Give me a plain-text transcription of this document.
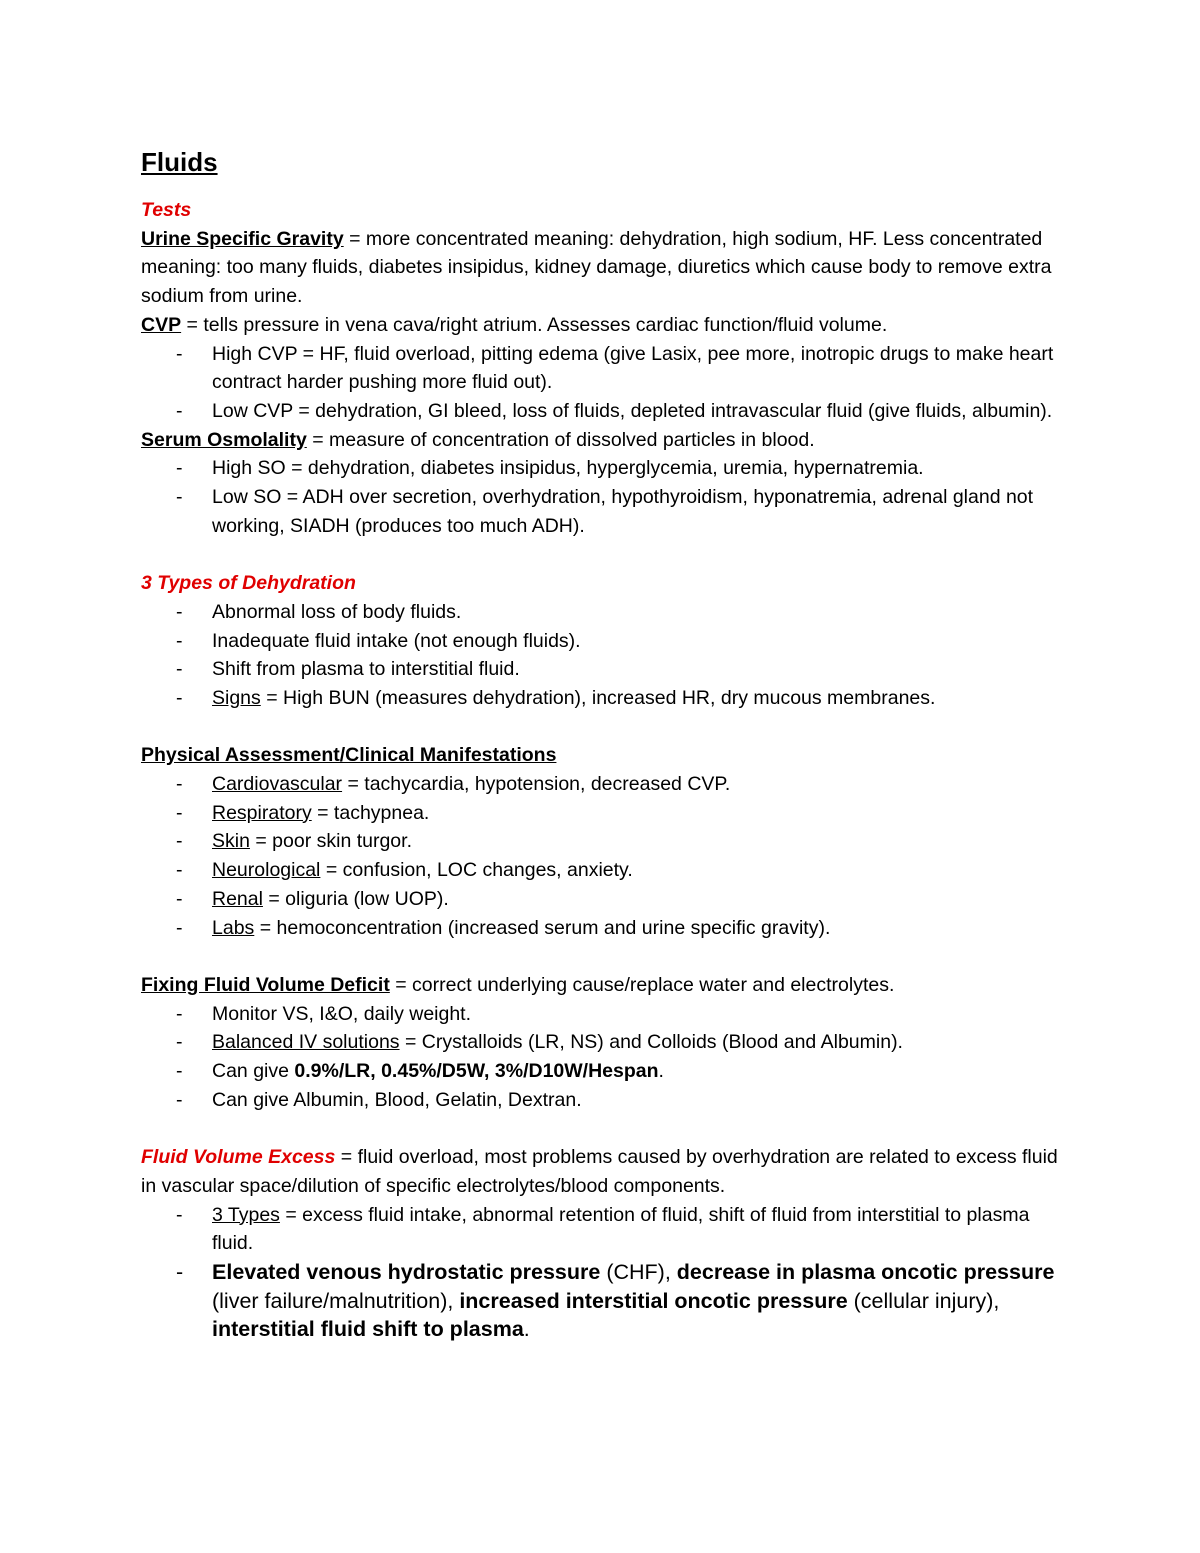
Fluids

Tests

Urine Specific Gravity = more concentrated meaning: dehydration, high sodium, HF. Less concentrated meaning: too many fluids, diabetes insipidus, kidney damage, diuretics which cause body to remove extra sodium from urine.

CVP = tells pressure in vena cava/right atrium. Assesses cardiac function/fluid volume.

- High CVP = HF, fluid overload, pitting edema (give Lasix, pee more, inotropic drugs to make heart contract harder pushing more fluid out).
- Low CVP = dehydration, GI bleed, loss of fluids, depleted intravascular fluid (give fluids, albumin).

Serum Osmolality = measure of concentration of dissolved particles in blood.

- High SO = dehydration, diabetes insipidus, hyperglycemia, uremia, hypernatremia.
- Low SO = ADH over secretion, overhydration, hypothyroidism, hyponatremia, adrenal gland not working, SIADH (produces too much ADH).

3 Types of Dehydration

- Abnormal loss of body fluids.
- Inadequate fluid intake (not enough fluids).
- Shift from plasma to interstitial fluid.
- Signs = High BUN (measures dehydration), increased HR, dry mucous membranes.

Physical Assessment/Clinical Manifestations

- Cardiovascular = tachycardia, hypotension, decreased CVP.
- Respiratory = tachypnea.
- Skin = poor skin turgor.
- Neurological = confusion, LOC changes, anxiety.
- Renal = oliguria (low UOP).
- Labs = hemoconcentration (increased serum and urine specific gravity).

Fixing Fluid Volume Deficit = correct underlying cause/replace water and electrolytes.

- Monitor VS, I&O, daily weight.
- Balanced IV solutions = Crystalloids (LR, NS) and Colloids (Blood and Albumin).
- Can give 0.9%/LR, 0.45%/D5W, 3%/D10W/Hespan.
- Can give Albumin, Blood, Gelatin, Dextran.

Fluid Volume Excess = fluid overload, most problems caused by overhydration are related to excess fluid in vascular space/dilution of specific electrolytes/blood components.

- 3 Types = excess fluid intake, abnormal retention of fluid, shift of fluid from interstitial to plasma fluid.
- Elevated venous hydrostatic pressure (CHF), decrease in plasma oncotic pressure (liver failure/malnutrition), increased interstitial oncotic pressure (cellular injury), interstitial fluid shift to plasma.
